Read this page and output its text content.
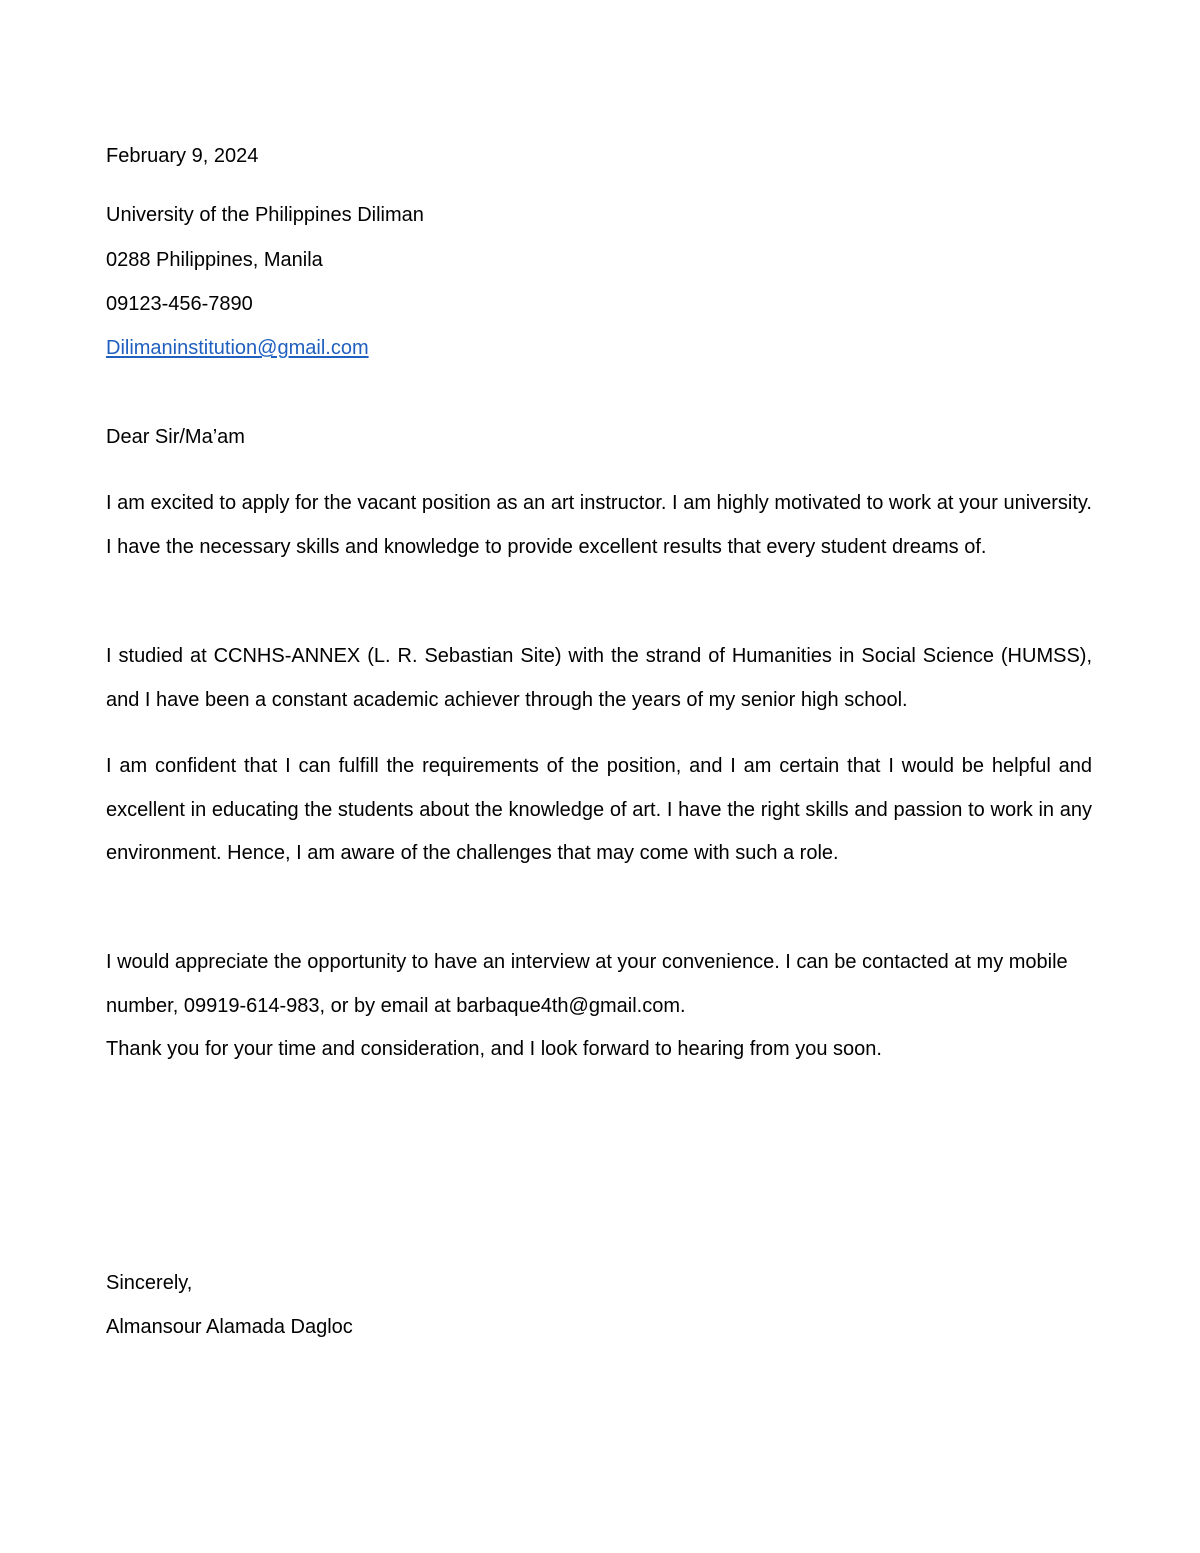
February 9, 2024
University of the Philippines Diliman
0288 Philippines, Manila
09123-456-7890
Dilimaninstitution@gmail.com
Dear Sir/Ma’am
I am excited to apply for the vacant position as an art instructor. I am highly motivated to work at your university. I have the necessary skills and knowledge to provide excellent results that every student dreams of.
I studied at CCNHS-ANNEX (L. R. Sebastian Site) with the strand of Humanities in Social Science (HUMSS), and I have been a constant academic achiever through the years of my senior high school.
I am confident that I can fulfill the requirements of the position, and I am certain that I would be helpful and excellent in educating the students about the knowledge of art. I have the right skills and passion to work in any environment. Hence, I am aware of the challenges that may come with such a role.
I would appreciate the opportunity to have an interview at your convenience. I can be contacted at my mobile number, 09919-614-983, or by email at barbaque4th@gmail.com.
Thank you for your time and consideration, and I look forward to hearing from you soon.
Sincerely,
Almansour Alamada Dagloc
